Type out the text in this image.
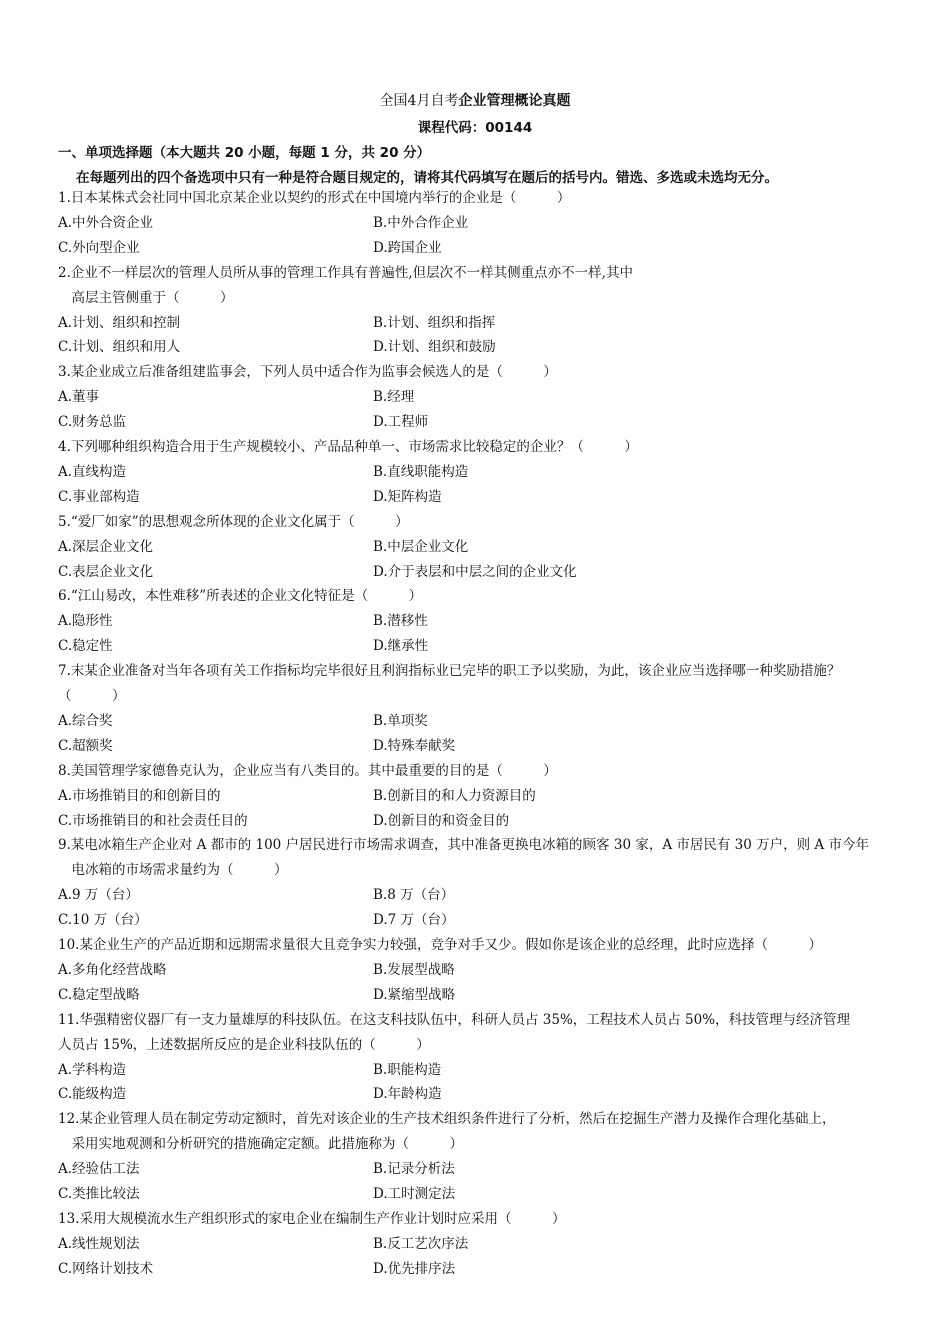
全国4月自考企业管理概论真题
课程代码：00144
一、单项选择题（本大题共 20 小题，每题 1 分，共 20 分）
在每题列出的四个备选项中只有一种是符合题目规定的，请将其代码填写在题后的括号内。错选、多选或未选均无分。
1.日本某株式会社同中国北京某企业以契约的形式在中国境内举行的企业是（　　　）
A.中外合资企业	B.中外合作企业
C.外向型企业	D.跨国企业
2.企业不一样层次的管理人员所从事的管理工作具有普遍性,但层次不一样其侧重点亦不一样,其中
　高层主管侧重于（　　　）
A.计划、组织和控制	B.计划、组织和指挥
C.计划、组织和用人	D.计划、组织和鼓励
3.某企业成立后准备组建监事会，下列人员中适合作为监事会候选人的是（　　　）
A.董事	B.经理
C.财务总监	D.工程师
4.下列哪种组织构造合用于生产规模较小、产品品种单一、市场需求比较稳定的企业？（　　　）
A.直线构造	B.直线职能构造
C.事业部构造	D.矩阵构造
5.“爱厂如家”的思想观念所体现的企业文化属于（　　　）
A.深层企业文化	B.中层企业文化
C.表层企业文化	D.介于表层和中层之间的企业文化
6.“江山易改，本性难移”所表述的企业文化特征是（　　　）
A.隐形性	B.潜移性
C.稳定性	D.继承性
7.末某企业准备对当年各项有关工作指标均完毕很好且利润指标业已完毕的职工予以奖励，为此，该企业应当选择哪一种奖励措施？
（　　　）
A.综合奖	B.单项奖
C.超额奖	D.特殊奉献奖
8.美国管理学家德鲁克认为，企业应当有八类目的。其中最重要的目的是（　　　）
A.市场推销目的和创新目的	B.创新目的和人力资源目的
C.市场推销目的和社会责任目的	D.创新目的和资金目的
9.某电冰箱生产企业对 A 都市的 100 户居民进行市场需求调查，其中准备更换电冰箱的顾客 30 家，A 市居民有 30 万户，则 A 市今年
　电冰箱的市场需求量约为（　　　）
A.9 万（台）	B.8 万（台）
C.10 万（台）	D.7 万（台）
10.某企业生产的产品近期和远期需求量很大且竞争实力较强，竞争对手又少。假如你是该企业的总经理，此时应选择（　　　）
A.多角化经营战略	B.发展型战略
C.稳定型战略	D.紧缩型战略
11.华强精密仪器厂有一支力量雄厚的科技队伍。在这支科技队伍中，科研人员占 35%，工程技术人员占 50%，科技管理与经济管理
人员占 15%，上述数据所反应的是企业科技队伍的（　　　）
A.学科构造	B.职能构造
C.能级构造	D.年龄构造
12.某企业管理人员在制定劳动定额时，首先对该企业的生产技术组织条件进行了分析，然后在挖掘生产潜力及操作合理化基础上，
　采用实地观测和分析研究的措施确定定额。此措施称为（　　　）
A.经验估工法	B.记录分析法
C.类推比较法	D.工时测定法
13.采用大规模流水生产组织形式的家电企业在编制生产作业计划时应采用（　　　）
A.线性规划法	B.反工艺次序法
C.网络计划技术	D.优先排序法
